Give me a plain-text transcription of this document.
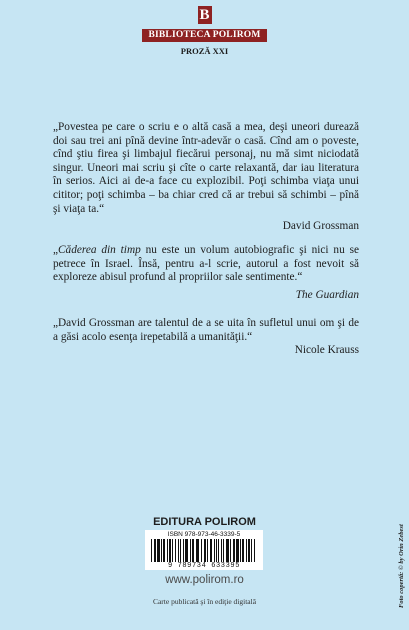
B
BIBLIOTECA POLIROM
PROZĂ XXI
„Povestea pe care o scriu e o altă casă a mea, deşi uneori durează doi sau trei ani pînă devine într-adevăr o casă. Cînd am o poveste, cînd ştiu firea şi limbajul fiecărui personaj, nu mă simt niciodată singur. Uneori mai scriu şi cîte o carte relaxantă, dar iau literatura în serios. Aici ai de-a face cu explozibil. Poţi schimba viaţa unui cititor; poţi schimba – ba chiar cred că ar trebui să schimbi – pînă şi viaţa ta.“
David Grossman
„Căderea din timp nu este un volum autobiografic şi nici nu se petrece în Israel. Însă, pentru a-l scrie, autorul a fost nevoit să exploreze abisul profund al propriilor sale sentimente.“
The Guardian
„David Grossman are talentul de a se uita în sufletul unui om şi de a găsi acolo esenţa irepetabilă a umanităţii.“
Nicole Krauss
EDITURA POLIROM
ISBN 978-973-46-3339-5
9 789734 633395
www.polirom.ro
Carte publicată şi în ediţie digitală	Foto copertă: © by Orin Zebest
